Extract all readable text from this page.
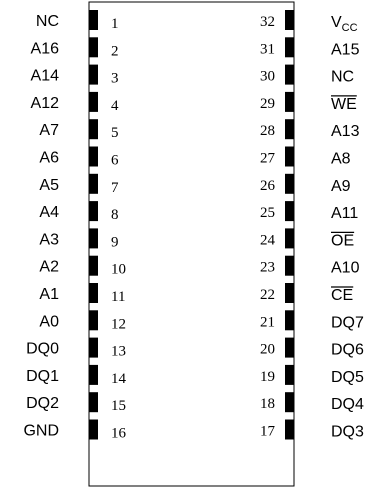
NC	1
A16	2
A14	3
A12	4
A7	5
A6	6
A5	7
A4	8
A3	9
A2	10
A1	11
A0	12
DQ0	13
DQ1	14
DQ2	15
GND	16
32	$V_{CC}$
31	A15
30	NC
29	WE
28	A13
27	A8
26	A9
25	A11
24	OE
23	A10
22	CE
21	DQ7
20	DQ6
19	DQ5
18	DQ4
17	DQ3
